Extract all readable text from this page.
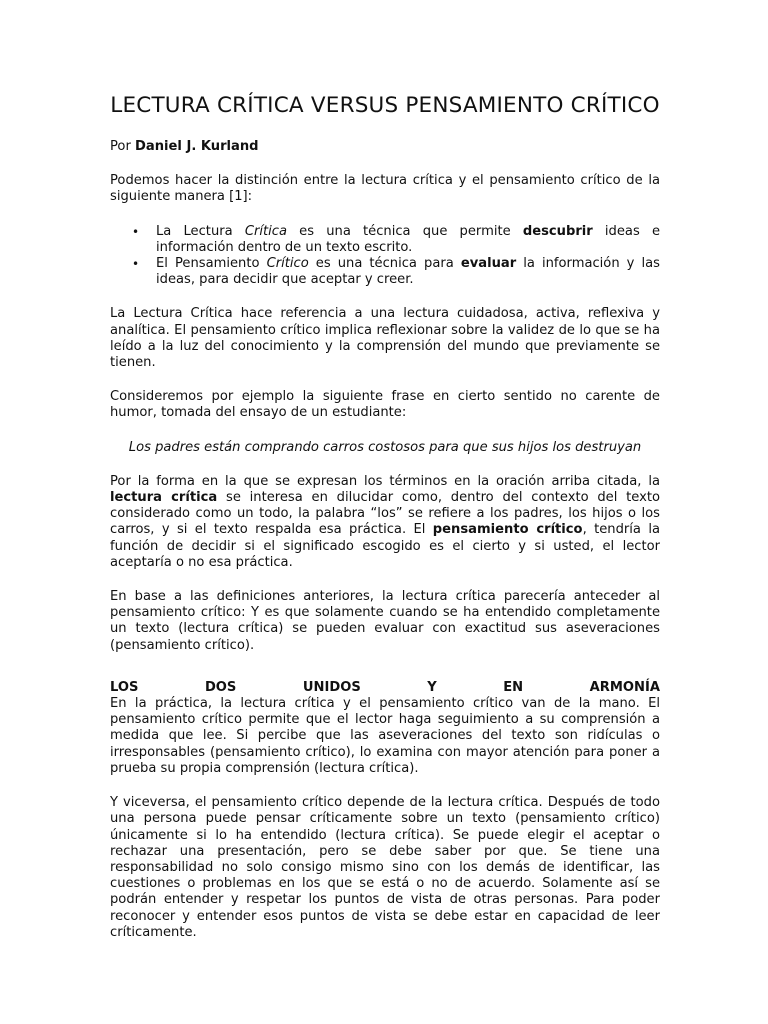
LECTURA CRÍTICA VERSUS PENSAMIENTO CRÍTICO

Por Daniel J. Kurland

Podemos hacer la distinción entre la lectura crítica y el pensamiento crítico de la siguiente manera [1]:

• La Lectura Crítica es una técnica que permite descubrir ideas e información dentro de un texto escrito.
• El Pensamiento Crítico es una técnica para evaluar la información y las ideas, para decidir que aceptar y creer.

La Lectura Crítica hace referencia a una lectura cuidadosa, activa, reflexiva y analítica. El pensamiento crítico implica reflexionar sobre la validez de lo que se ha leído a la luz del conocimiento y la comprensión del mundo que previamente se tienen.

Consideremos por ejemplo la siguiente frase en cierto sentido no carente de humor, tomada del ensayo de un estudiante:

Los padres están comprando carros costosos para que sus hijos los destruyan

Por la forma en la que se expresan los términos en la oración arriba citada, la lectura crítica se interesa en dilucidar como, dentro del contexto del texto considerado como un todo, la palabra “los” se refiere a los padres, los hijos o los carros, y si el texto respalda esa práctica. El pensamiento crítico, tendría la función de decidir si el significado escogido es el cierto y si usted, el lector aceptaría o no esa práctica.

En base a las definiciones anteriores, la lectura crítica parecería anteceder al pensamiento crítico: Y es que solamente cuando se ha entendido completamente un texto (lectura crítica) se pueden evaluar con exactitud sus aseveraciones (pensamiento crítico).

LOS	DOS	UNIDOS	Y	EN	ARMONÍA

En la práctica, la lectura crítica y el pensamiento crítico van de la mano. El pensamiento crítico permite que el lector haga seguimiento a su comprensión a medida que lee. Si percibe que las aseveraciones del texto son ridículas o irresponsables (pensamiento crítico), lo examina con mayor atención para poner a prueba su propia comprensión (lectura crítica).

Y viceversa, el pensamiento crítico depende de la lectura crítica. Después de todo una persona puede pensar críticamente sobre un texto (pensamiento crítico) únicamente si lo ha entendido (lectura crítica). Se puede elegir el aceptar o rechazar una presentación, pero se debe saber por que. Se tiene una responsabilidad no solo consigo mismo sino con los demás de identificar, las cuestiones o problemas en los que se está o no de acuerdo. Solamente así se podrán entender y respetar los puntos de vista de otras personas. Para poder reconocer y entender esos puntos de vista se debe estar en capacidad de leer críticamente.
